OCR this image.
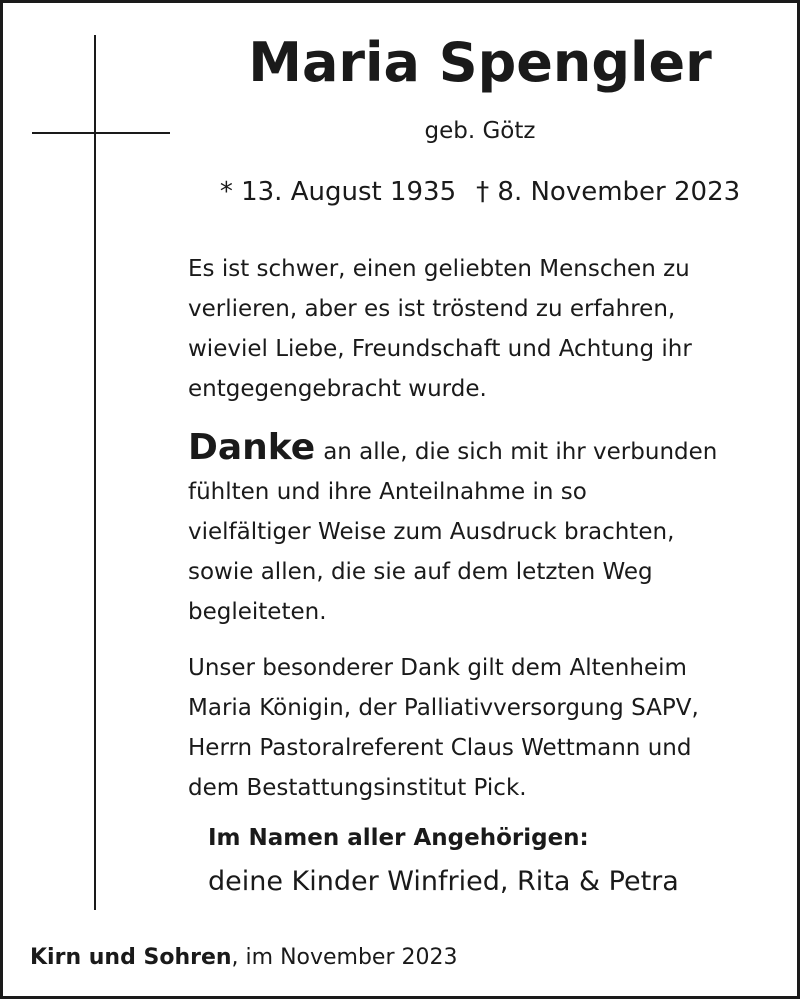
Maria Spengler
geb. Götz
* 13. August 1935 † 8. November 2023
Es ist schwer, einen geliebten Menschen zu
verlieren, aber es ist tröstend zu erfahren,
wieviel Liebe, Freundschaft und Achtung ihr
entgegengebracht wurde.
Danke an alle, die sich mit ihr verbunden
fühlten und ihre Anteilnahme in so
vielfältiger Weise zum Ausdruck brachten,
sowie allen, die sie auf dem letzten Weg
begleiteten.
Unser besonderer Dank gilt dem Altenheim
Maria Königin, der Palliativversorgung SAPV,
Herrn Pastoralreferent Claus Wettmann und
dem Bestattungsinstitut Pick.
Im Namen aller Angehörigen:
deine Kinder Winfried, Rita & Petra
Kirn und Sohren, im November 2023
